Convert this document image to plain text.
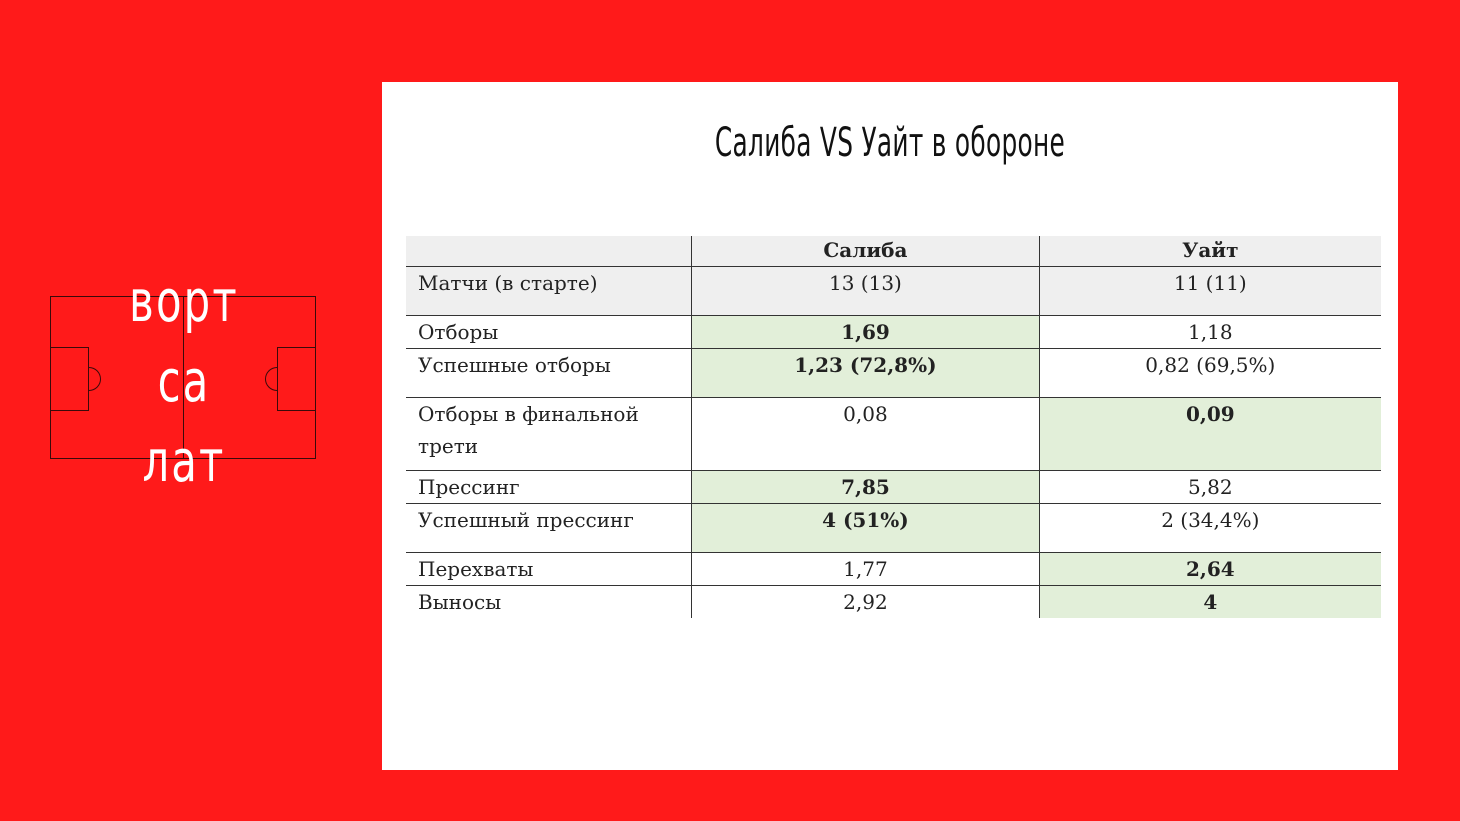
ворт
са
лат
Салиба VS Уайт в обороне
	Салиба	Уайт
Матчи (в старте)	13 (13)	11 (11)
Отборы	1,69	1,18
Успешные отборы	1,23 (72,8%)	0,82 (69,5%)
Отборы в финальной трети	0,08	0,09
Прессинг	7,85	5,82
Успешный прессинг	4 (51%)	2 (34,4%)
Перехваты	1,77	2,64
Выносы	2,92	4
